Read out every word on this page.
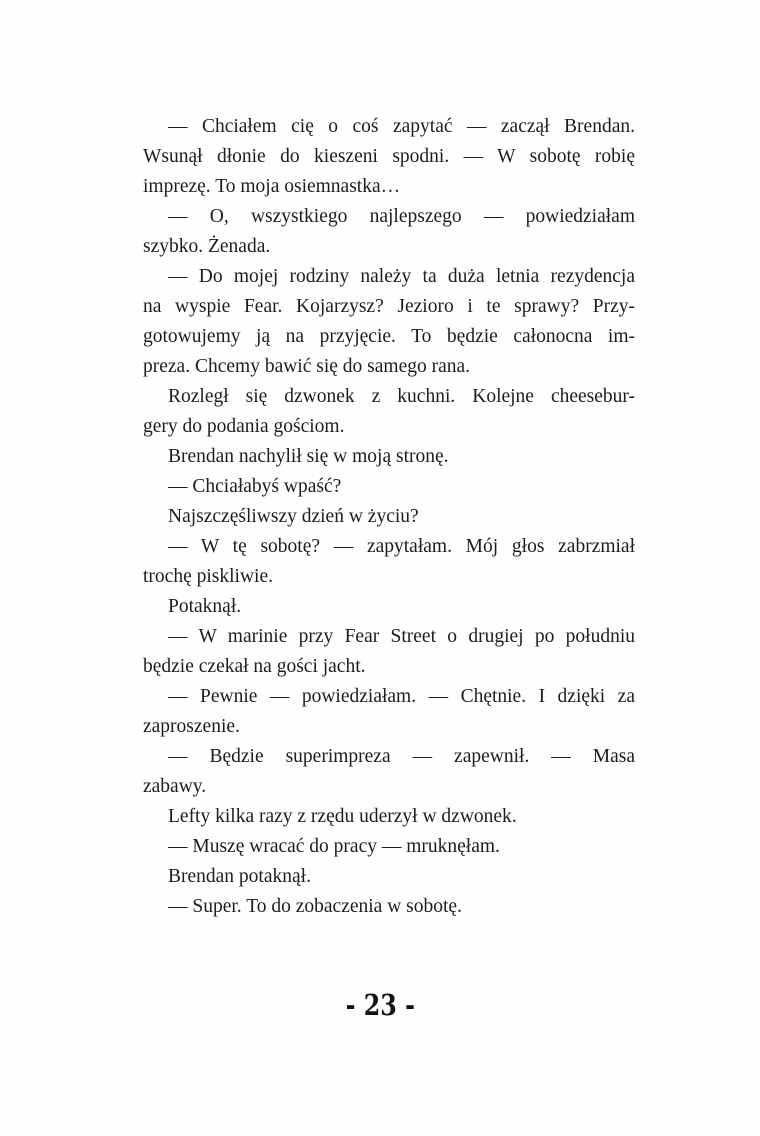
— Chciałem cię o coś zapytać — zaczął Brendan.
Wsunął dłonie do kieszeni spodni. — W sobotę robię
imprezę. To moja osiemnastka…
— O, wszystkiego najlepszego — powiedziałam
szybko. Żenada.
— Do mojej rodziny należy ta duża letnia rezydencja
na wyspie Fear. Kojarzysz? Jezioro i te sprawy? Przy-
gotowujemy ją na przyjęcie. To będzie całonocna im-
preza. Chcemy bawić się do samego rana.
Rozległ się dzwonek z kuchni. Kolejne cheesebur-
gery do podania gościom.
Brendan nachylił się w moją stronę.
— Chciałabyś wpaść?
Najszczęśliwszy dzień w życiu?
— W tę sobotę? — zapytałam. Mój głos zabrzmiał
trochę piskliwie.
Potaknął.
— W marinie przy Fear Street o drugiej po południu
będzie czekał na gości jacht.
— Pewnie — powiedziałam. — Chętnie. I dzięki za
zaproszenie.
— Będzie superimpreza — zapewnił. — Masa
zabawy.
Lefty kilka razy z rzędu uderzył w dzwonek.
— Muszę wracać do pracy — mruknęłam.
Brendan potaknął.
— Super. To do zobaczenia w sobotę.
- 23 -
